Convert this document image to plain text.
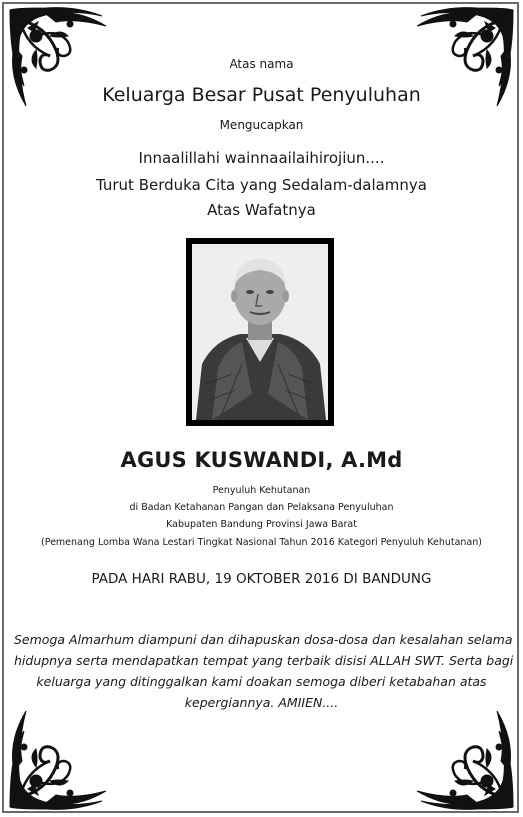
Atas nama
Keluarga Besar Pusat Penyuluhan
Mengucapkan
Innaalillahi wainnaailaihirojiun....
Turut Berduka Cita yang Sedalam-dalamnya
Atas Wafatnya
AGUS KUSWANDI, A.Md
Penyuluh Kehutanan
di Badan Ketahanan Pangan dan Pelaksana Penyuluhan
Kabupaten Bandung Provinsi Jawa Barat
(Pemenang Lomba Wana Lestari Tingkat Nasional Tahun 2016 Kategori Penyuluh Kehutanan)
PADA HARI RABU, 19 OKTOBER 2016 DI BANDUNG
Semoga Almarhum diampuni dan dihapuskan dosa-dosa dan kesalahan selama
hidupnya serta mendapatkan tempat yang terbaik disisi ALLAH SWT. Serta bagi
keluarga yang ditinggalkan kami doakan semoga diberi ketabahan atas
kepergiannya. AMIIEN....
